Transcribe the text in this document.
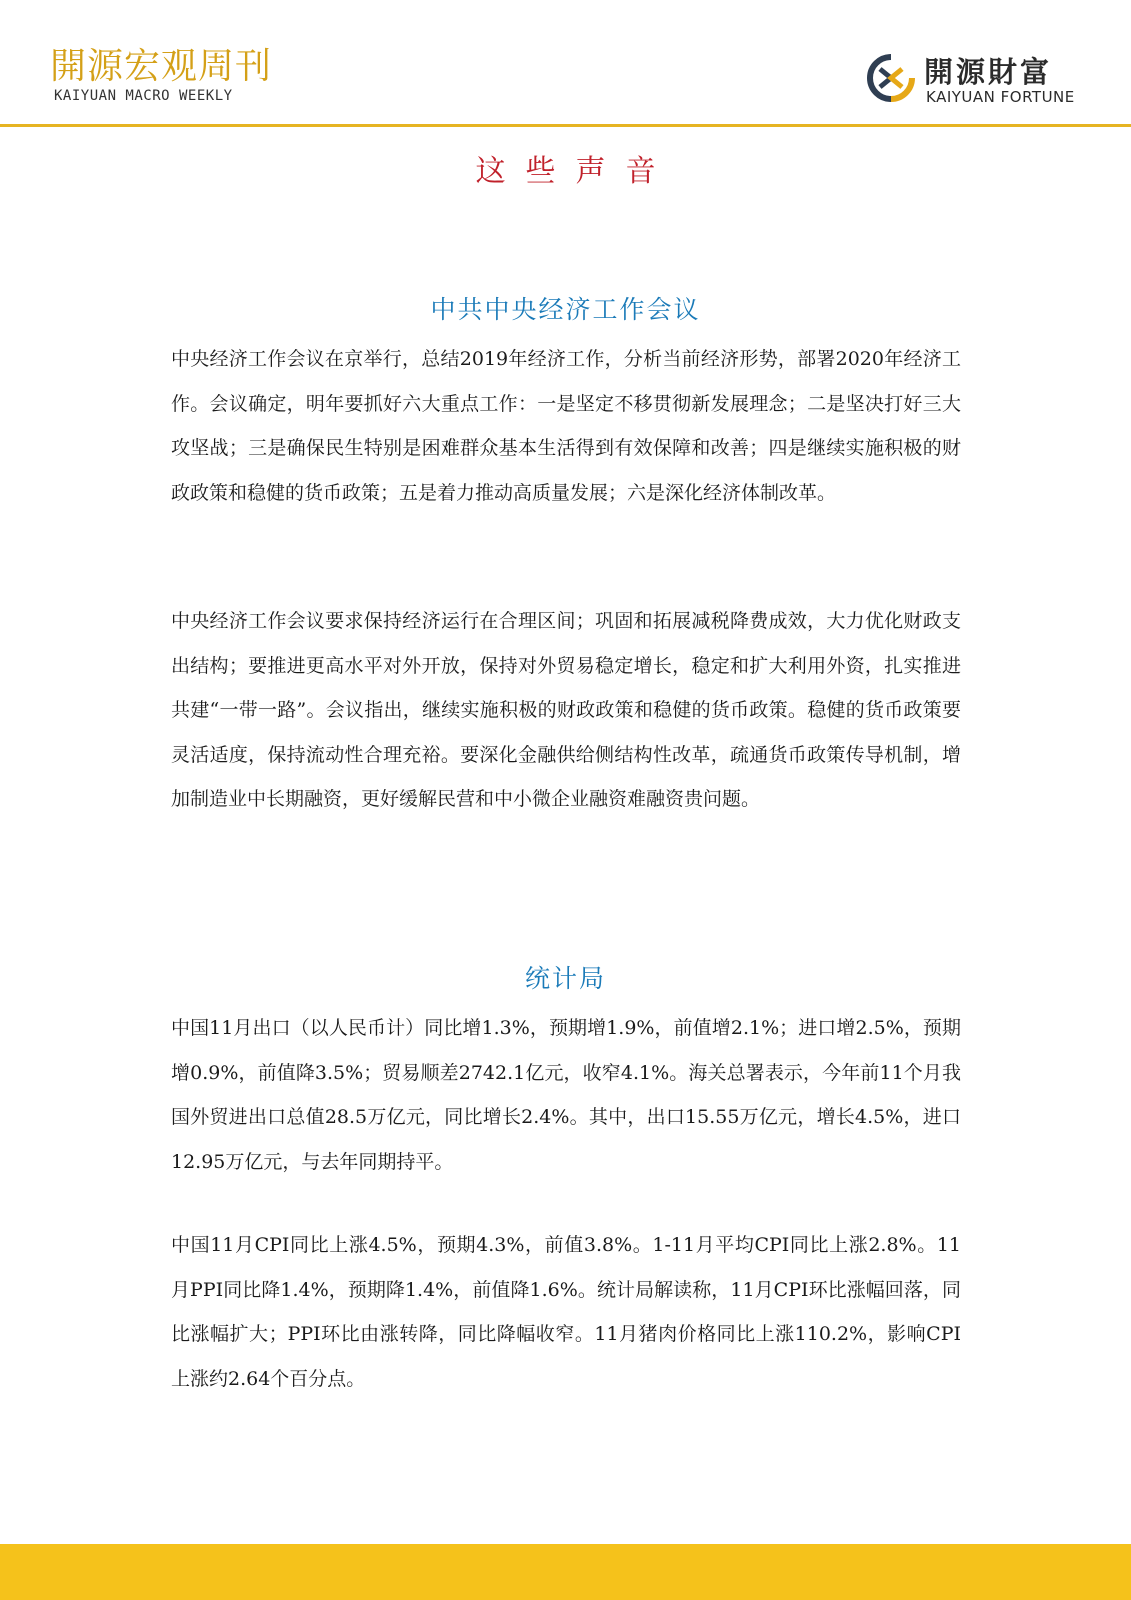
開源宏观周刊
KAIYUAN MACRO WEEKLY
開源財富
KAIYUAN FORTUNE
这些声音
中共中央经济工作会议

中央经济工作会议在京举行，总结2019年经济工作，分析当前经济形势，部署2020年经济工作。会议确定，明年要抓好六大重点工作：一是坚定不移贯彻新发展理念；二是坚决打好三大攻坚战；三是确保民生特别是困难群众基本生活得到有效保障和改善；四是继续实施积极的财政政策和稳健的货币政策；五是着力推动高质量发展；六是深化经济体制改革。

中央经济工作会议要求保持经济运行在合理区间；巩固和拓展减税降费成效，大力优化财政支出结构；要推进更高水平对外开放，保持对外贸易稳定增长，稳定和扩大利用外资，扎实推进共建“一带一路”。会议指出，继续实施积极的财政政策和稳健的货币政策。稳健的货币政策要灵活适度，保持流动性合理充裕。要深化金融供给侧结构性改革，疏通货币政策传导机制，增加制造业中长期融资，更好缓解民营和中小微企业融资难融资贵问题。

统计局

中国11月出口（以人民币计）同比增1.3%，预期增1.9%，前值增2.1%；进口增2.5%，预期增0.9%，前值降3.5%；贸易顺差2742.1亿元，收窄4.1%。海关总署表示，今年前11个月我国外贸进出口总值28.5万亿元，同比增长2.4%。其中，出口15.55万亿元，增长4.5%，进口12.95万亿元，与去年同期持平。

中国11月CPI同比上涨4.5%，预期4.3%，前值3.8%。1-11月平均CPI同比上涨2.8%。11月PPI同比降1.4%，预期降1.4%，前值降1.6%。统计局解读称，11月CPI环比涨幅回落，同比涨幅扩大；PPI环比由涨转降，同比降幅收窄。11月猪肉价格同比上涨110.2%，影响CPI上涨约2.64个百分点。
